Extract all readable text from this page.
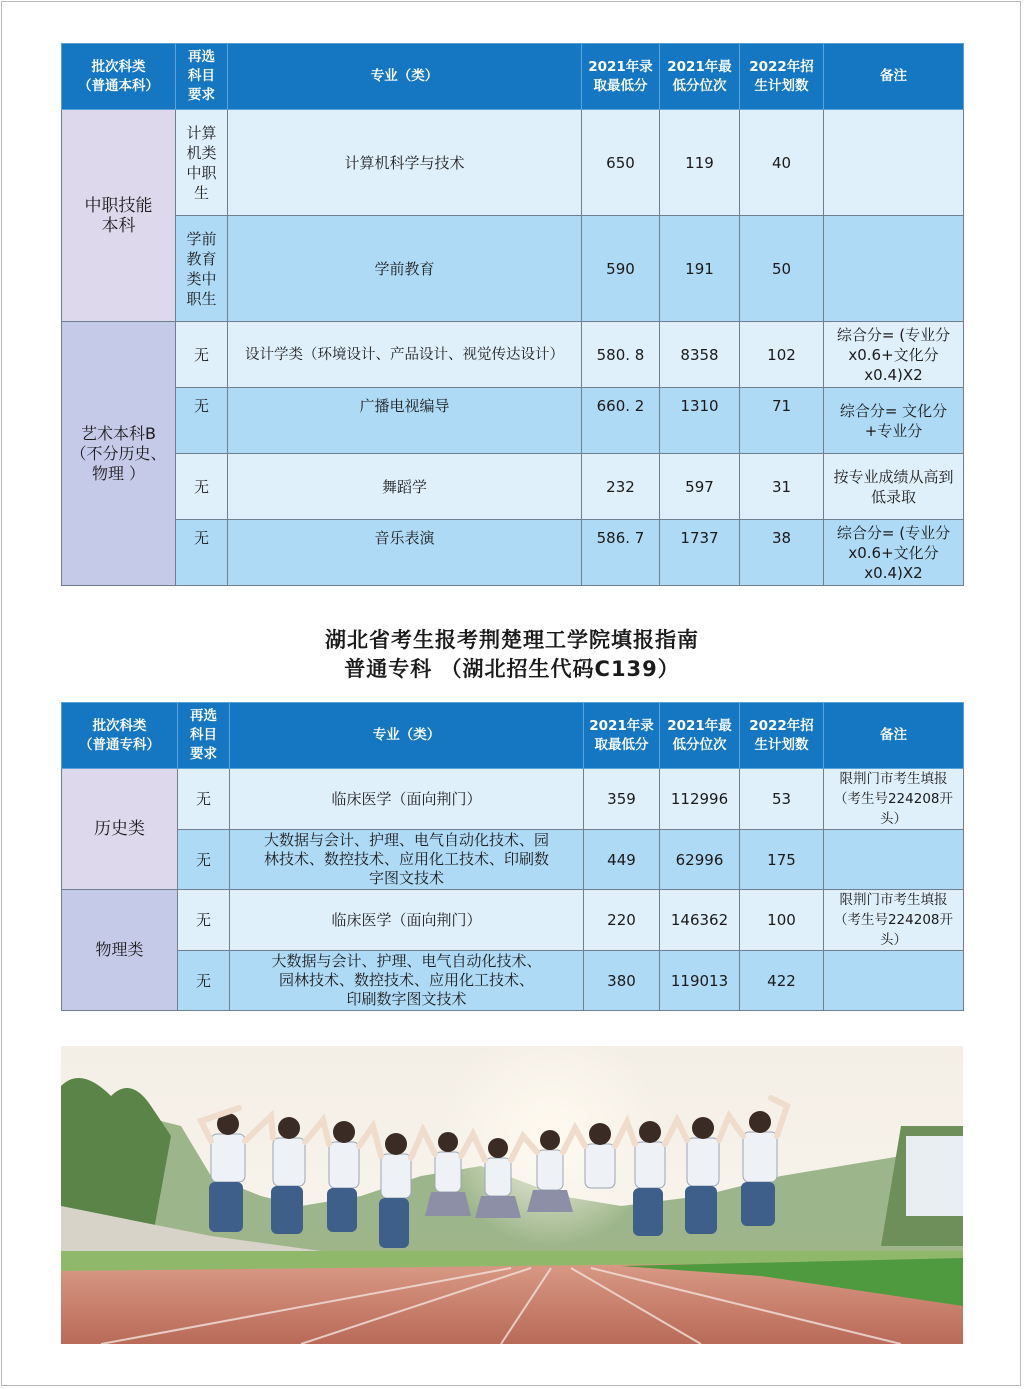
批次科类
（普通本科）	再选
科目
要求	专业（类）	2021年录
取最低分	2021年最
低分位次	2022年招
生计划数	备注
中职技能
本科	计算
机类
中职
生	计算机科学与技术	650	119	40	
	学前
教育
类中
职生	学前教育	590	191	50	
艺术本科B
（不分历史、
物理 ）	无	设计学类（环境设计、产品设计、视觉传达设计）	580. 8	8358	102	综合分= (专业分
x0.6+文化分
x0.4)X2
	无	广播电视编导	660. 2	1310	71	综合分= 文化分
+专业分
	无	舞蹈学	232	597	31	按专业成绩从高到
低录取
	无	音乐表演	586. 7	1737	38	综合分= (专业分
x0.6+文化分
x0.4)X2
湖北省考生报考荆楚理工学院填报指南
普通专科 （湖北招生代码C139）
批次科类
（普通专科）	再选
科目
要求	专业（类）	2021年录
取最低分	2021年最
低分位次	2022年招
生计划数	备注
历史类	无	临床医学（面向荆门）	359	112996	53	限荆门市考生填报
（考生号224208开头）
	无	大数据与会计、护理、电气自动化技术、园
林技术、数控技术、应用化工技术、印刷数
字图文技术	449	62996	175	
物理类	无	临床医学（面向荆门）	220	146362	100	限荆门市考生填报
（考生号224208开头）
	无	大数据与会计、护理、电气自动化技术、
园林技术、数控技术、应用化工技术、
印刷数字图文技术	380	119013	422	
